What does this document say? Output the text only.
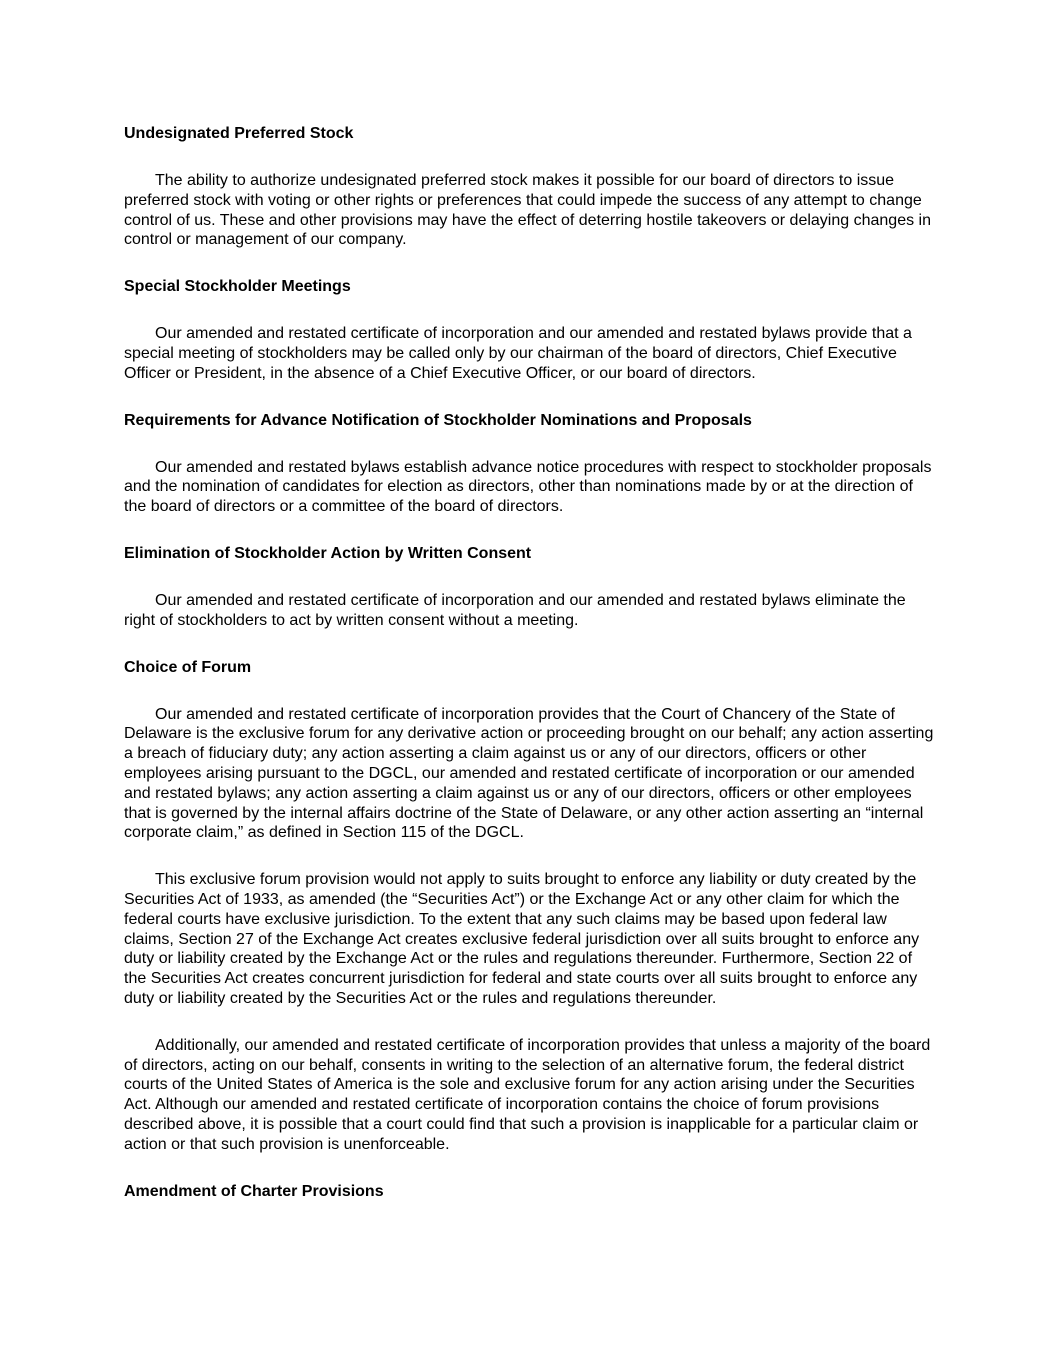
Undesignated Preferred Stock

The ability to authorize undesignated preferred stock makes it possible for our board of directors to issue preferred stock with voting or other rights or preferences that could impede the success of any attempt to change control of us. These and other provisions may have the effect of deterring hostile takeovers or delaying changes in control or management of our company.

Special Stockholder Meetings

Our amended and restated certificate of incorporation and our amended and restated bylaws provide that a special meeting of stockholders may be called only by our chairman of the board of directors, Chief Executive Officer or President, in the absence of a Chief Executive Officer, or our board of directors.

Requirements for Advance Notification of Stockholder Nominations and Proposals

Our amended and restated bylaws establish advance notice procedures with respect to stockholder proposals and the nomination of candidates for election as directors, other than nominations made by or at the direction of the board of directors or a committee of the board of directors.

Elimination of Stockholder Action by Written Consent

Our amended and restated certificate of incorporation and our amended and restated bylaws eliminate the right of stockholders to act by written consent without a meeting.

Choice of Forum

Our amended and restated certificate of incorporation provides that the Court of Chancery of the State of Delaware is the exclusive forum for any derivative action or proceeding brought on our behalf; any action asserting a breach of fiduciary duty; any action asserting a claim against us or any of our directors, officers or other employees arising pursuant to the DGCL, our amended and restated certificate of incorporation or our amended and restated bylaws; any action asserting a claim against us or any of our directors, officers or other employees that is governed by the internal affairs doctrine of the State of Delaware, or any other action asserting an “internal corporate claim,” as defined in Section 115 of the DGCL.

This exclusive forum provision would not apply to suits brought to enforce any liability or duty created by the Securities Act of 1933, as amended (the “Securities Act”) or the Exchange Act or any other claim for which the federal courts have exclusive jurisdiction. To the extent that any such claims may be based upon federal law claims, Section 27 of the Exchange Act creates exclusive federal jurisdiction over all suits brought to enforce any duty or liability created by the Exchange Act or the rules and regulations thereunder. Furthermore, Section 22 of the Securities Act creates concurrent jurisdiction for federal and state courts over all suits brought to enforce any duty or liability created by the Securities Act or the rules and regulations thereunder.

Additionally, our amended and restated certificate of incorporation provides that unless a majority of the board of directors, acting on our behalf, consents in writing to the selection of an alternative forum, the federal district courts of the United States of America is the sole and exclusive forum for any action arising under the Securities Act. Although our amended and restated certificate of incorporation contains the choice of forum provisions described above, it is possible that a court could find that such a provision is inapplicable for a particular claim or action or that such provision is unenforceable.

Amendment of Charter Provisions
